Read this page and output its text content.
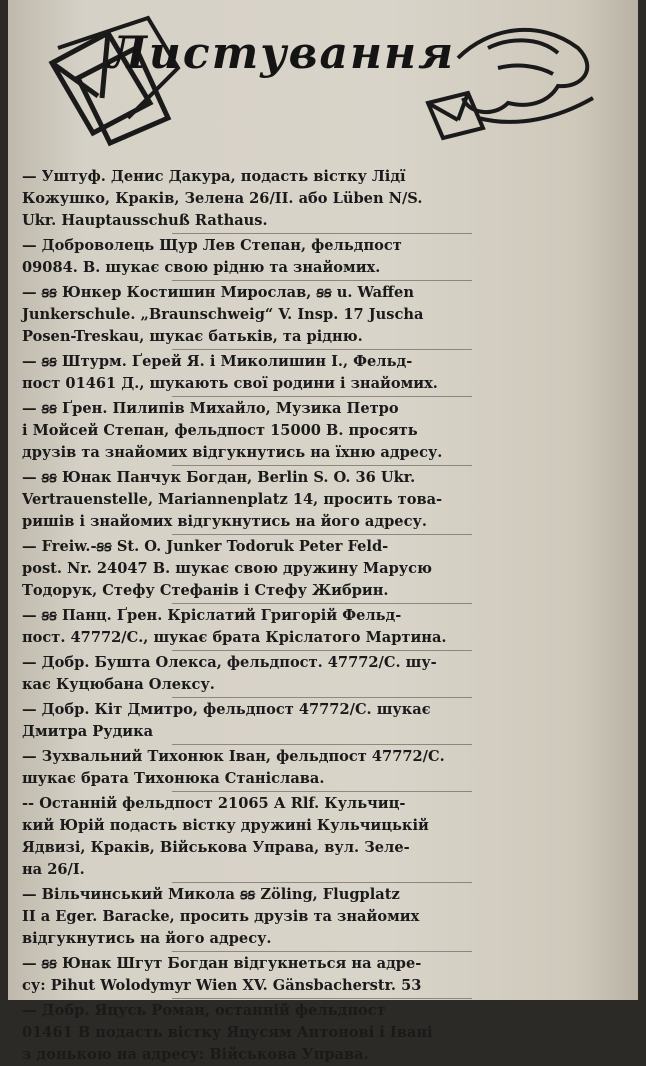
Листування
— Уштуф. Денис Дакура, подасть вістку Лідї
Кожушко, Краків, Зелена 26/II. або Lüben N/S.
Ukr. Hauptausschuß Rathaus.
— Доброволець Щур Лев Степан, фельдпост
09084. В. шукає свою рідню та знайомих.
— ꞩꞩ Юнкер Костишин Мирослав, ꞩꞩ u. Waffen
Junkerschule. „Braunschweig“ V. Insp. 17 Juscha
Posen-Treskau, шукає батьків, та рідню.
— ꞩꞩ Штурм. Ґерей Я. і Миколишин І., Фельд-
пост 01461 Д., шукають свої родини і знайомих.
— ꞩꞩ Ґрен. Пилипів Михайло, Музика Петро
і Мойсей Степан, фельдпост 15000 В. просять
друзів та знайомих відгукнутись на їхню адресу.
— ꞩꞩ Юнак Панчук Богдан, Berlin S. O. 36 Ukr.
Vertrauenstelle, Mariannenplatz 14, просить това-
ришів і знайомих відгукнутись на його адресу.
— Freiw.-ꞩꞩ St. O. Junker Todoruk Peter Feld-
post. Nr. 24047 В. шукає свою дружину Марусю
Тодорук, Стефу Стефанів і Стефу Жибрин.
— ꞩꞩ Панц. Ґрен. Кріслатий Григорій Фельд-
пост. 47772/С., шукає брата Кріслатого Мартина.
— Добр. Бушта Олекса, фельдпост. 47772/С. шу-
кає Куцюбана Олексу.
— Добр. Кіт Дмитро, фельдпост 47772/С. шукає
Дмитра Рудика
— Зухвальний Тихонюк Іван, фельдпост 47772/С.
шукає брата Тихонюка Станіслава.
-- Останній фельдпост 21065 А Rlf. Кульчиц-
кий Юрій подасть вістку дружині Кульчицькій
Ядвизі, Краків, Військова Управа, вул. Зеле-
на 26/I.
— Вільчинський Микола ꞩꞩ Zöling, Flugplatz
II a Eger. Baracke, просить друзів та знайомих
відгукнутись на його адресу.
— ꞩꞩ Юнак Шгут Богдан відгукнеться на адре-
су: Pihut Wolodymyr Wien XV. Gänsbacherstr. 53
— Добр. Яцусь Роман, останній фельдпост
01461 В подасть вістку Яцусям Антонові і Івані
з донькою на адресу: Військова Управа.
